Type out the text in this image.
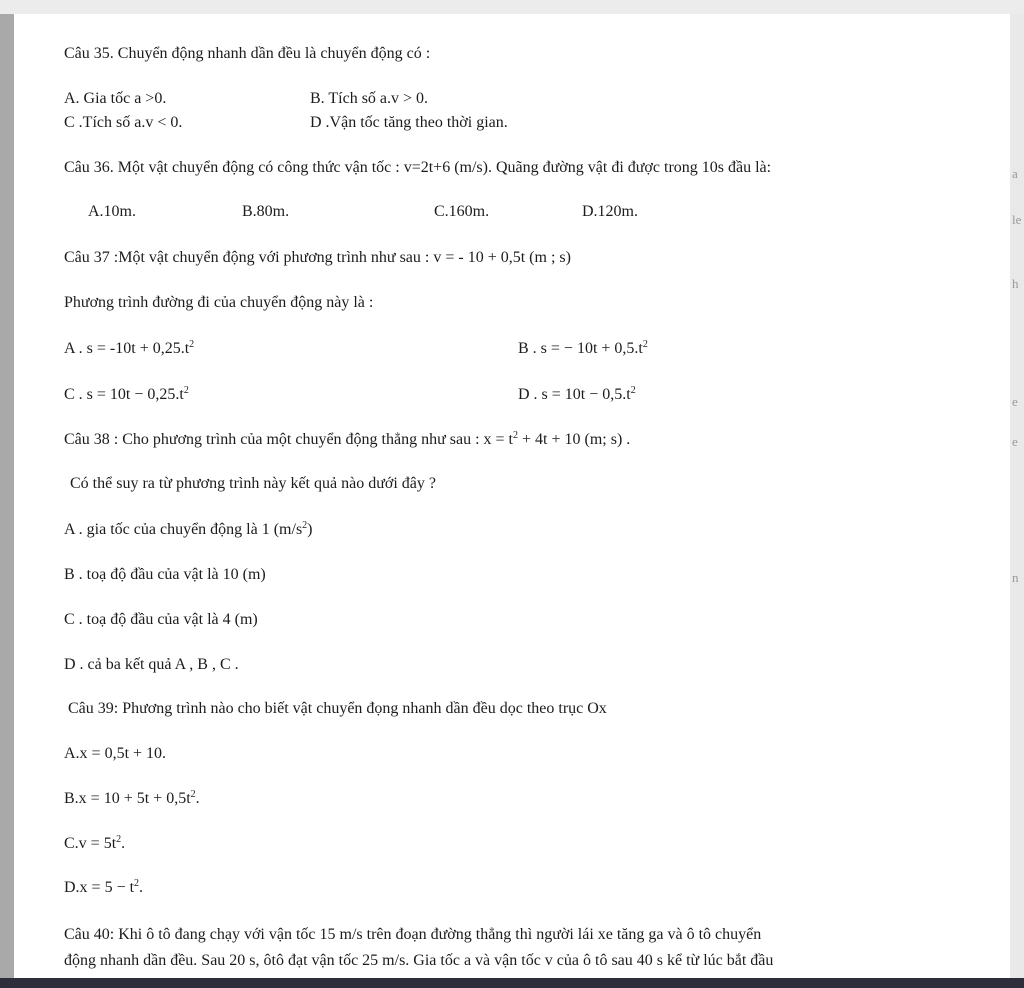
a
le
h
e
e
n
Câu 35. Chuyển động nhanh dần đều là chuyển động có :
A. Gia tốc a >0.	B. Tích số a.v > 0.
C .Tích số a.v < 0.	D .Vận tốc tăng theo thời gian.
Câu 36. Một vật chuyển động có công thức vận tốc : v=2t+6 (m/s). Quãng đường vật đi được trong 10s đầu là:
A.10m.	B.80m.	C.160m.	D.120m.
Câu 37 :Một vật chuyển động với phương trình như sau : v = - 10 + 0,5t (m ; s)
Phương trình đường đi của chuyển động này là :
A . $s = -10t + 0,25.t^2$	B . s = − $10t + 0,5.t^2$
C . $s = 10t - 0,25.t^2$	D . $s = 10t - 0,5.t^2$
Câu 38 : Cho phương trình của một chuyển động thẳng như sau : $x = t^2 + 4t + 10$ (m; s) .
Có thể suy ra từ phương trình này kết quả nào dưới đây ?
A . gia tốc của chuyển động là 1 $(m/s^2)$
B . toạ độ đầu của vật là 10 (m)
C . toạ độ đầu của vật là 4 (m)
D . cả ba kết quả A , B , C .
Câu 39: Phương trình nào cho biết vật chuyển đọng nhanh dần đều dọc theo trục Ox
A.x = 0,5t + 10.
$B.x = 10 + 5t + 0,5t^2$.
$C.v = 5t^2$.
$D.x = 5 - t^2$.
Câu 40: Khi ô tô đang chạy với vận tốc 15 m/s trên đoạn đường thẳng thì người lái xe tăng ga và ô tô chuyển
động nhanh dần đều. Sau 20 s, ôtô đạt vận tốc 25 m/s. Gia tốc a và vận tốc v của ô tô sau 40 s kể từ lúc bắt đầu
